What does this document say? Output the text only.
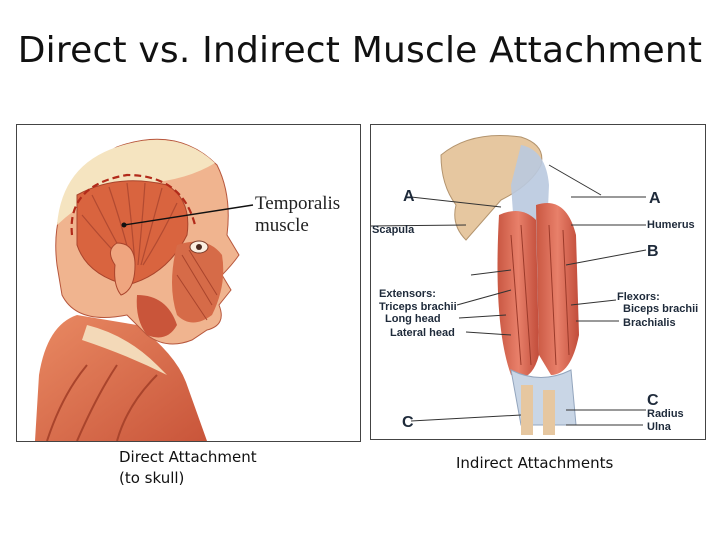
Direct vs. Indirect Muscle Attachment
Temporalis
muscle
A
Scapula
Extensors:
Triceps brachii
Long head
Lateral head
C
A
Humerus
B
Flexors:
Biceps brachii
Brachialis
C
Radius
Ulna
Direct Attachment
(to skull)
Indirect Attachments
